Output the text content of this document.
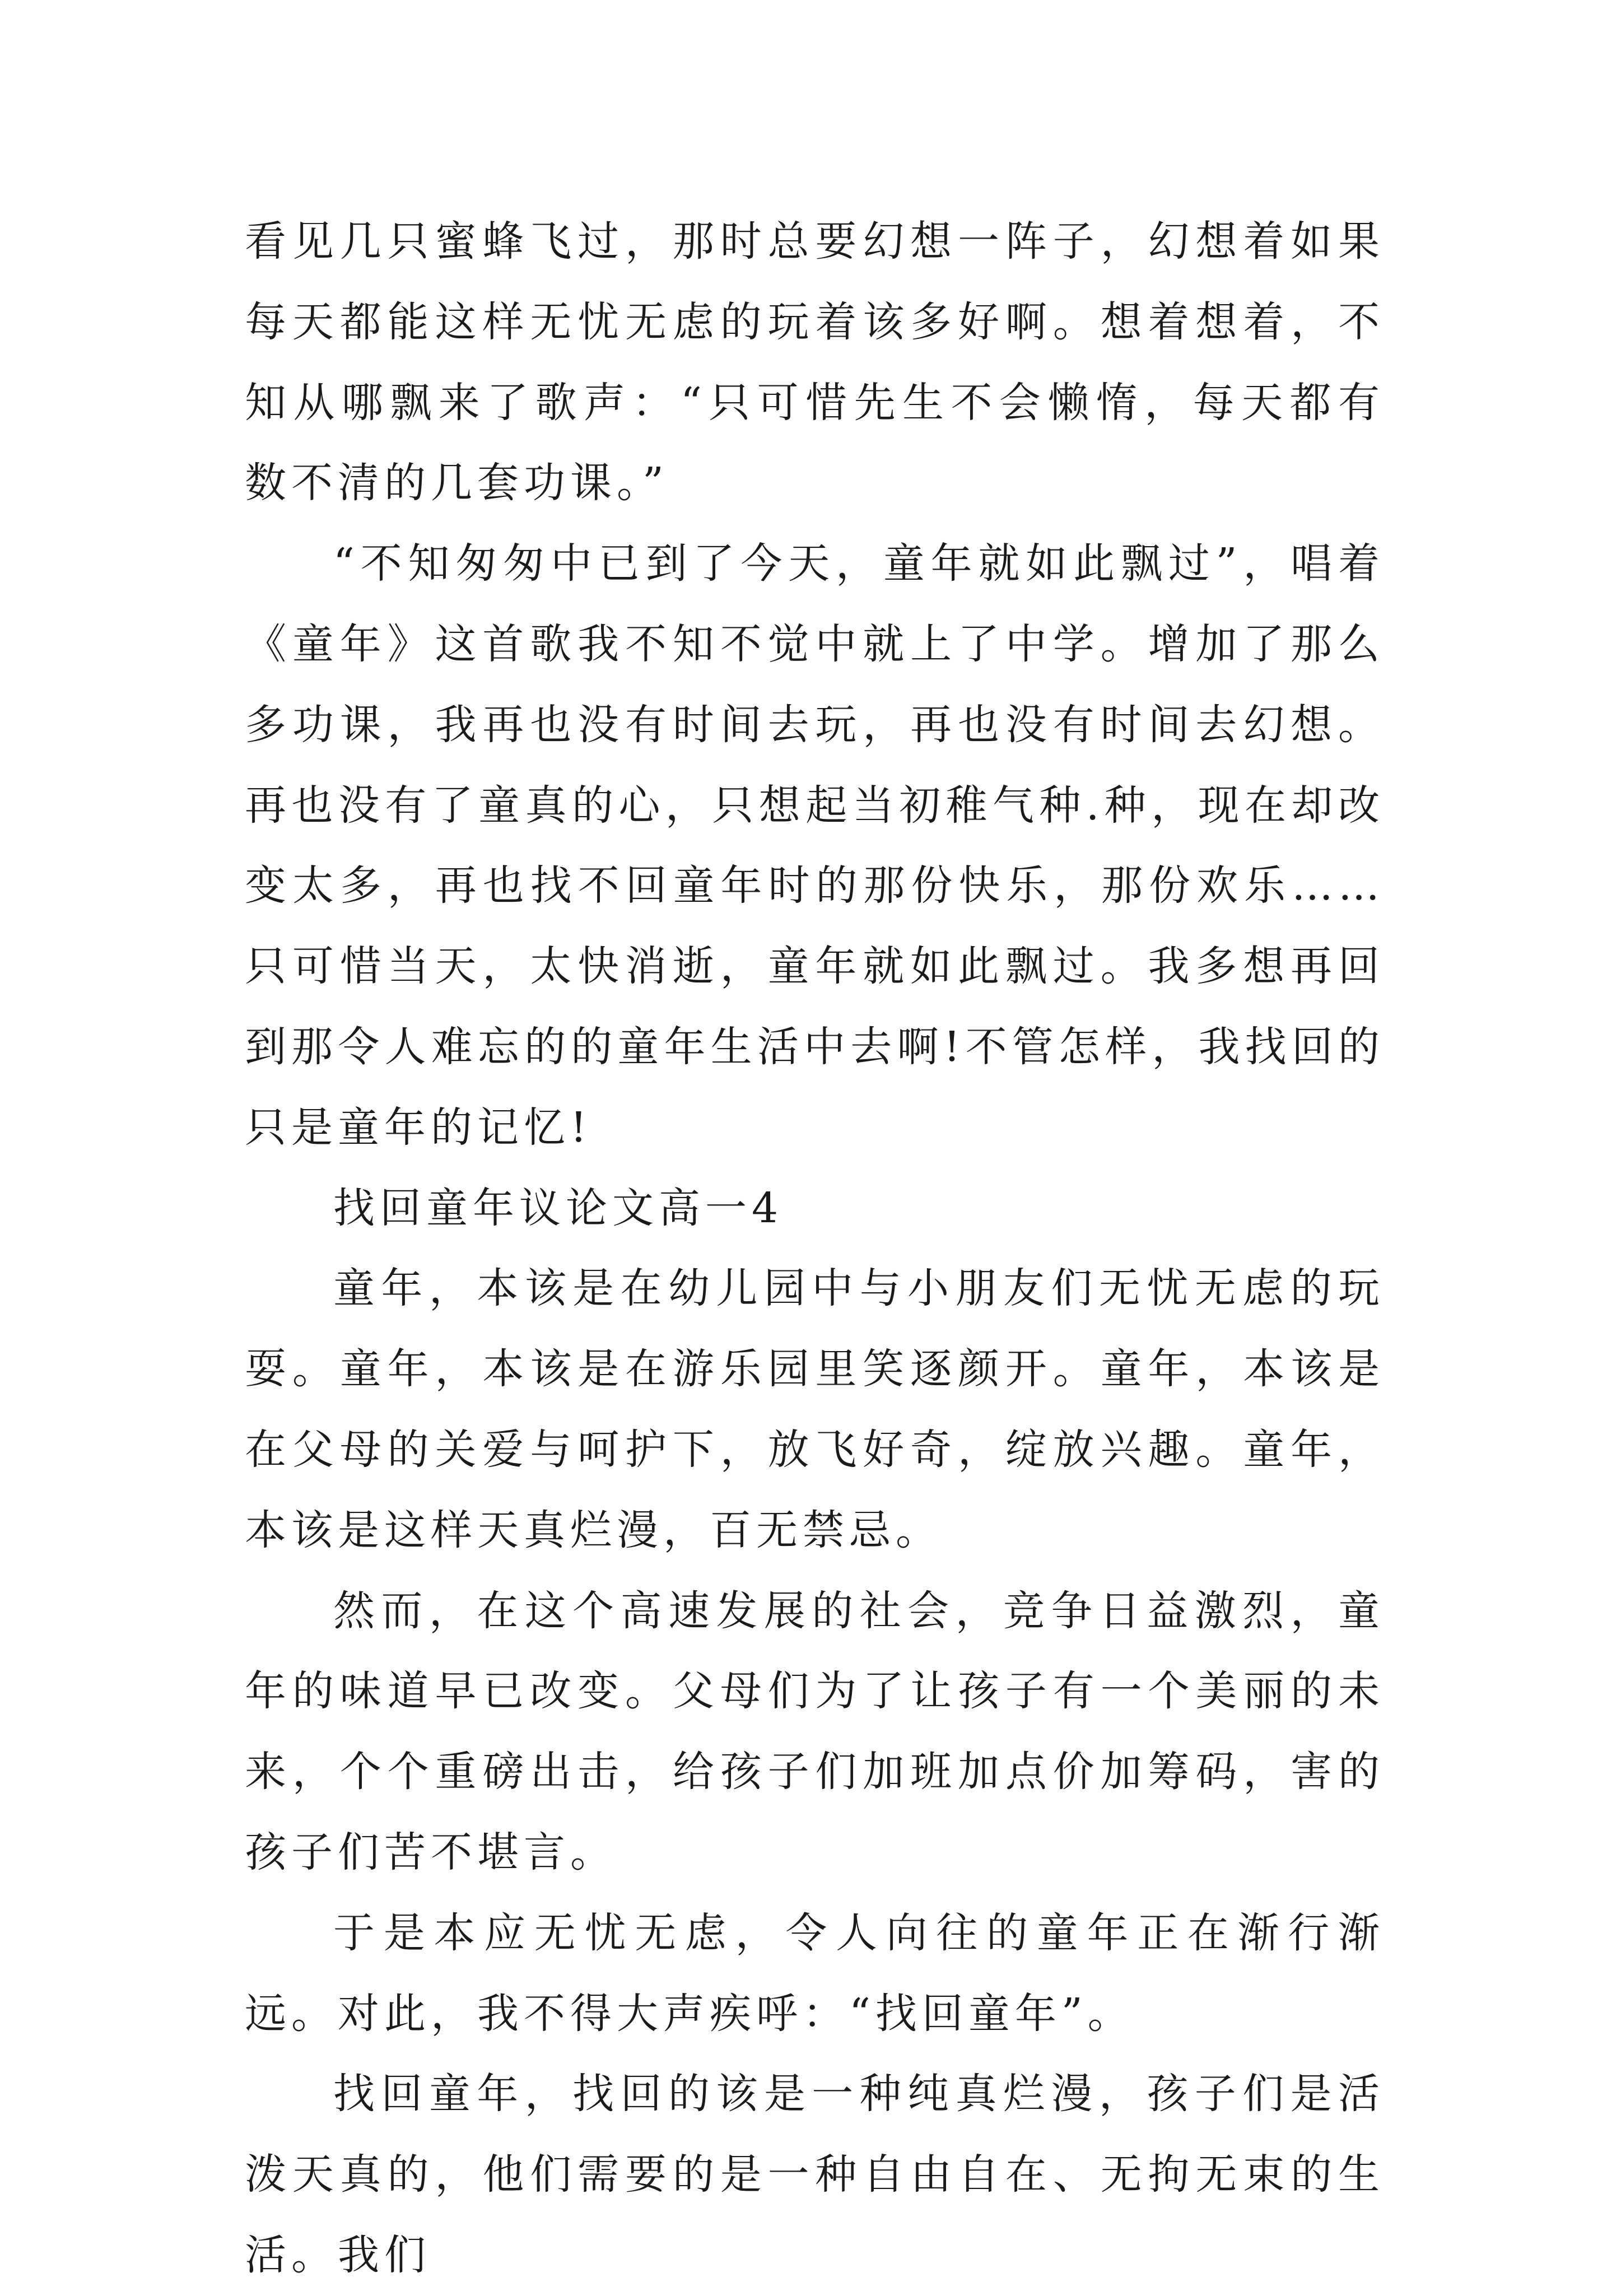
看见几只蜜蜂飞过，那时总要幻想一阵子，幻想着如果每天都能这样无忧无虑的玩着该多好啊。想着想着，不知从哪飘来了歌声：“只可惜先生不会懒惰，每天都有数不清的几套功课。”

“不知匆匆中已到了今天，童年就如此飘过”，唱着《童年》这首歌我不知不觉中就上了中学。增加了那么多功课，我再也没有时间去玩，再也没有时间去幻想。再也没有了童真的心，只想起当初稚气种.种，现在却改变太多，再也找不回童年时的那份快乐，那份欢乐……只可惜当天，太快消逝，童年就如此飘过。我多想再回到那令人难忘的的童年生活中去啊!不管怎样，我找回的只是童年的记忆!

找回童年议论文高一4

童年，本该是在幼儿园中与小朋友们无忧无虑的玩耍。童年，本该是在游乐园里笑逐颜开。童年，本该是在父母的关爱与呵护下，放飞好奇，绽放兴趣。童年，本该是这样天真烂漫，百无禁忌。

然而，在这个高速发展的社会，竞争日益激烈，童年的味道早已改变。父母们为了让孩子有一个美丽的未来，个个重磅出击，给孩子们加班加点价加筹码，害的孩子们苦不堪言。

于是本应无忧无虑，令人向往的童年正在渐行渐远。对此，我不得大声疾呼：“找回童年”。

找回童年，找回的该是一种纯真烂漫，孩子们是活泼天真的，他们需要的是一种自由自在、无拘无束的生活。我们
